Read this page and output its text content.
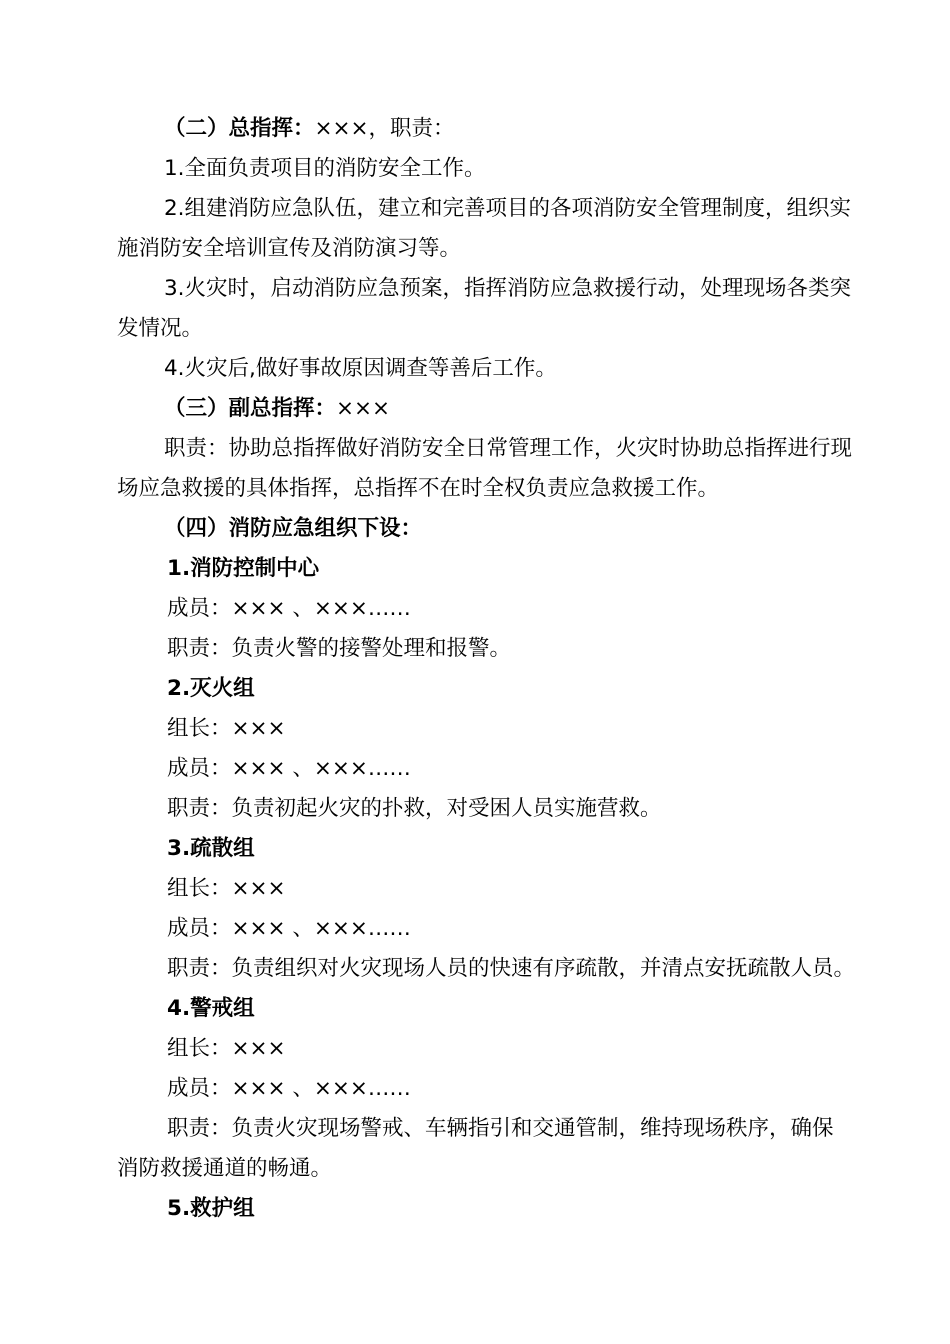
（二）总指挥：×××，职责：
1.全面负责项目的消防安全工作。
2.组建消防应急队伍，建立和完善项目的各项消防安全管理制度，组织实
施消防安全培训宣传及消防演习等。
3.火灾时，启动消防应急预案，指挥消防应急救援行动，处理现场各类突
发情况。
4.火灾后,做好事故原因调查等善后工作。
（三）副总指挥：×××
职责：协助总指挥做好消防安全日常管理工作，火灾时协助总指挥进行现
场应急救援的具体指挥，总指挥不在时全权负责应急救援工作。
（四）消防应急组织下设：
1.消防控制中心
成员：××× 、×××……
职责：负责火警的接警处理和报警。
2.灭火组
组长：×××
成员：××× 、×××……
职责：负责初起火灾的扑救，对受困人员实施营救。
3.疏散组
组长：×××
成员：××× 、×××……
职责：负责组织对火灾现场人员的快速有序疏散，并清点安抚疏散人员。
4.警戒组
组长：×××
成员：××× 、×××……
职责：负责火灾现场警戒、车辆指引和交通管制，维持现场秩序，确保
消防救援通道的畅通。
5.救护组
